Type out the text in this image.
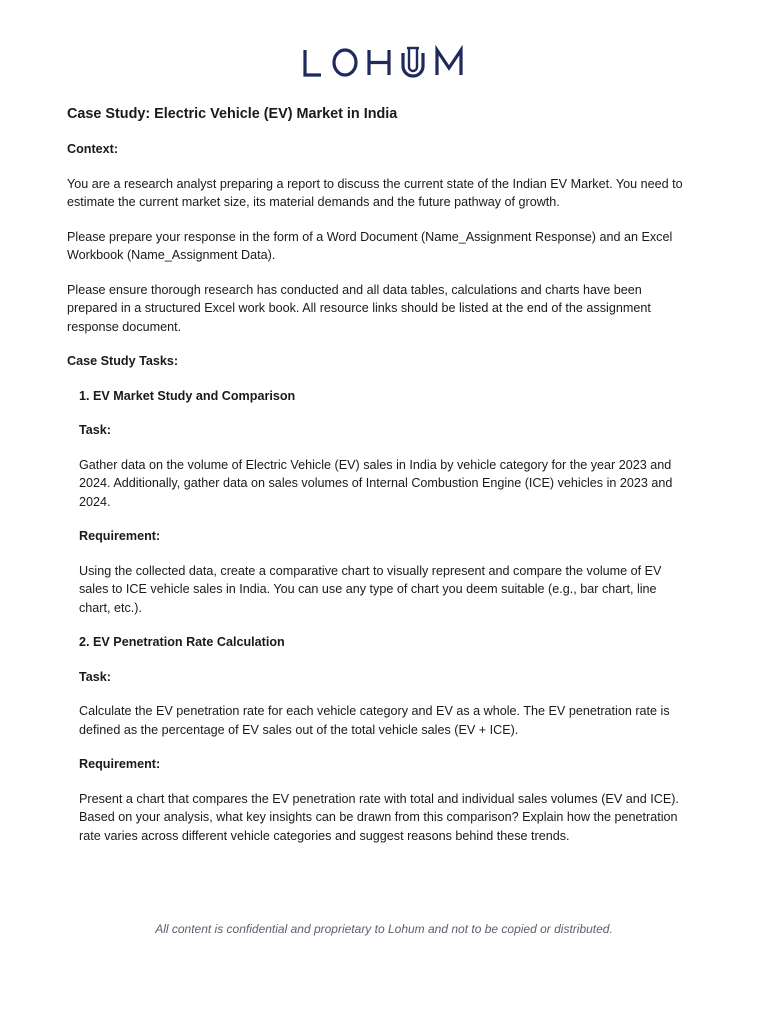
Case Study: Electric Vehicle (EV) Market in India
Context:

You are a research analyst preparing a report to discuss the current state of the Indian EV Market. You need to estimate the current market size, its material demands and the future pathway of growth.

Please prepare your response in the form of a Word Document (Name_Assignment Response) and an Excel Workbook (Name_Assignment Data).

Please ensure thorough research has conducted and all data tables, calculations and charts have been prepared in a structured Excel work book. All resource links should be listed at the end of the assignment response document.

Case Study Tasks:
1. EV Market Study and Comparison
Task:

Gather data on the volume of Electric Vehicle (EV) sales in India by vehicle category for the year 2023 and 2024. Additionally, gather data on sales volumes of Internal Combustion Engine (ICE) vehicles in 2023 and 2024.

Requirement:

Using the collected data, create a comparative chart to visually represent and compare the volume of EV sales to ICE vehicle sales in India. You can use any type of chart you deem suitable (e.g., bar chart, line chart, etc.).

2. EV Penetration Rate Calculation
Task:

Calculate the EV penetration rate for each vehicle category and EV as a whole. The EV penetration rate is defined as the percentage of EV sales out of the total vehicle sales (EV + ICE).

Requirement:

Present a chart that compares the EV penetration rate with total and individual sales volumes (EV and ICE). Based on your analysis, what key insights can be drawn from this comparison? Explain how the penetration rate varies across different vehicle categories and suggest reasons behind these trends.

All content is confidential and proprietary to Lohum and not to be copied or distributed.
